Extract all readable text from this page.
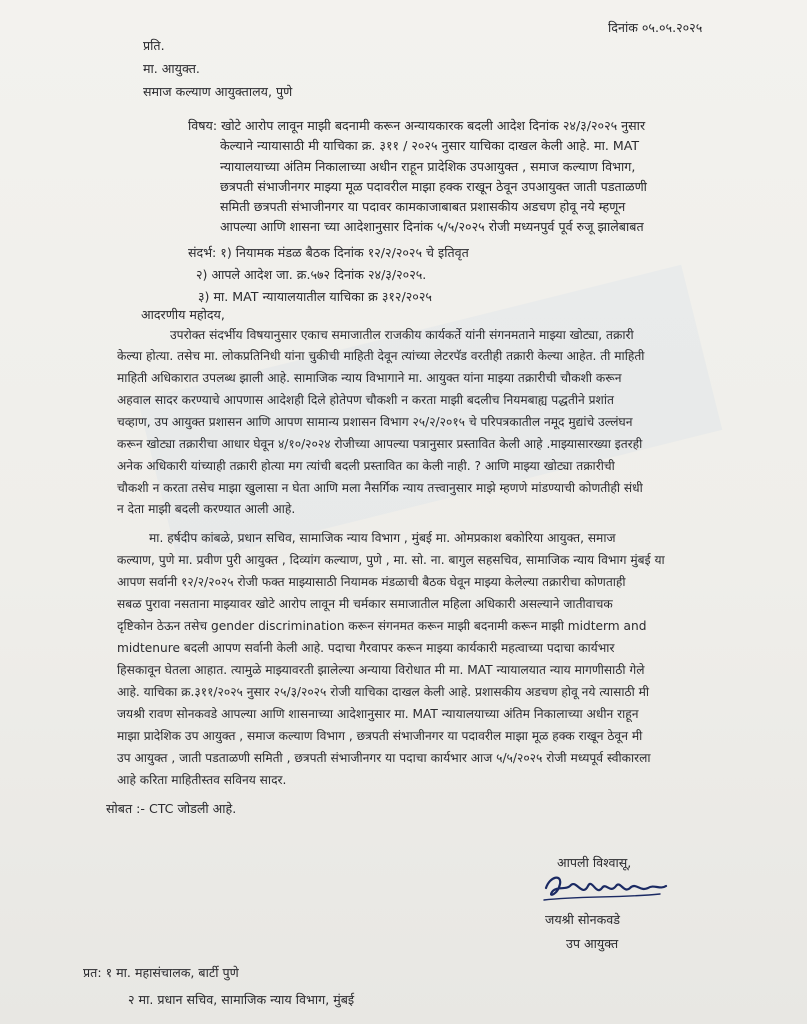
दिनांक ०५.०५.२०२५
प्रति.
मा. आयुक्त.
समाज कल्याण आयुक्तालय, पुणे
विषय: खोटे आरोप लावून माझी बदनामी करून अन्यायकारक बदली आदेश दिनांक २४/३/२०२५ नुसार
केल्याने न्यायासाठी मी याचिका क्र. ३११ / २०२५ नुसार याचिका दाखल केली आहे. मा. MAT
न्यायालयाच्या अंतिम निकालाच्या अधीन राहून प्रादेशिक उपआयुक्त , समाज कल्याण विभाग,
छत्रपती संभाजीनगर माझ्या मूळ पदावरील माझा हक्क राखून ठेवून उपआयुक्त जाती पडताळणी
समिती छत्रपती संभाजीनगर या पदावर कामकाजाबाबत प्रशासकीय अडचण होवू नये म्हणून
आपल्या आणि शासना च्या आदेशानुसार दिनांक ५/५/२०२५ रोजी मध्यनपुर्व पूर्व रुजू झालेबाबत
संदर्भ: १) नियामक मंडळ बैठक दिनांक १२/२/२०२५ चे इतिवृत
२) आपले आदेश जा. क्र.५७२ दिनांक २४/३/२०२५.
३) मा. MAT न्यायालयातील याचिका क्र ३१२/२०२५
आदरणीय महोदय,
उपरोक्त संदर्भीय विषयानुसार एकाच समाजातील राजकीय कार्यकर्ते यांनी संगनमताने माझ्या खोट्या, तक्रारी
केल्या होत्या. तसेच मा. लोकप्रतिनिधी यांना चुकीची माहिती देवून त्यांच्या लेटरपॅड वरतीही तक्रारी केल्या आहेत. ती माहिती
माहिती अधिकारात उपलब्ध झाली आहे. सामाजिक न्याय विभागाने मा. आयुक्त यांना माझ्या तक्रारीची चौकशी करून
अहवाल सादर करण्याचे आपणास आदेशही दिले होतेपण चौकशी न करता माझी बदलीच नियमबाह्य पद्धतीने प्रशांत
चव्हाण, उप आयुक्त प्रशासन आणि आपण सामान्य प्रशासन विभाग २५/२/२०१५ चे परिपत्रकातील नमूद मुद्यांचे उल्लंघन
करून खोट्या तक्रारीचा आधार घेवून ४/१०/२०२४ रोजीच्या आपल्या पत्रानुसार प्रस्तावित केली आहे .माझ्यासारख्या इतरही
अनेक अधिकारी यांच्याही तक्रारी होत्या मग त्यांची बदली प्रस्तावित का केली नाही. ? आणि माझ्या खोट्या तक्रारीची
चौकशी न करता तसेच माझा खुलासा न घेता आणि मला नैसर्गिक न्याय तत्त्वानुसार माझे म्हणणे मांडण्याची कोणतीही संधी
न देता माझी बदली करण्यात आली आहे.
मा. हर्षदीप कांबळे, प्रधान सचिव, सामाजिक न्याय विभाग , मुंबई मा. ओमप्रकाश बकोरिया आयुक्त, समाज
कल्याण, पुणे मा. प्रवीण पुरी आयुक्त , दिव्यांग कल्याण, पुणे , मा. सो. ना. बागुल सहसचिव, सामाजिक न्याय विभाग मुंबई या
आपण सर्वानी १२/२/२०२५ रोजी फक्त माझ्यासाठी नियामक मंडळाची बैठक घेवून माझ्या केलेल्या तक्रारीचा कोणताही
सबळ पुरावा नसताना माझ्यावर खोटे आरोप लावून मी चर्मकार समाजातील महिला अधिकारी असल्याने जातीवाचक
दृष्टिकोन ठेऊन तसेच gender discrimination करून संगनमत करून माझी बदनामी करून माझी midterm and
midtenure बदली आपण सर्वानी केली आहे. पदाचा गैरवापर करून माझ्या कार्यकारी महत्वाच्या पदाचा कार्यभार
हिसकावून घेतला आहात. त्यामुळे माझ्यावरती झालेल्या अन्याया विरोधात मी मा. MAT न्यायालयात न्याय मागणीसाठी गेले
आहे. याचिका क्र.३११/२०२५ नुसार २५/३/२०२५ रोजी याचिका दाखल केली आहे. प्रशासकीय अडचण होवू नये त्यासाठी मी
जयश्री रावण सोनकवडे आपल्या आणि शासनाच्या आदेशानुसार मा. MAT न्यायालयाच्या अंतिम निकालाच्या अधीन राहून
माझा प्रादेशिक उप आयुक्त , समाज कल्याण विभाग , छत्रपती संभाजीनगर या पदावरील माझा मूळ हक्क राखून ठेवून मी
उप आयुक्त , जाती पडताळणी समिती , छत्रपती संभाजीनगर या पदाचा कार्यभार आज ५/५/२०२५ रोजी मध्यपूर्व स्वीकारला
आहे करिता माहितीस्तव सविनय सादर.
सोबत :- CTC जोडली आहे.
आपली विश्वासू,
जयश्री सोनकवडे
उप आयुक्त
प्रत: १ मा. महासंचालक, बार्टी पुणे
२ मा. प्रधान सचिव, सामाजिक न्याय विभाग, मुंबई
